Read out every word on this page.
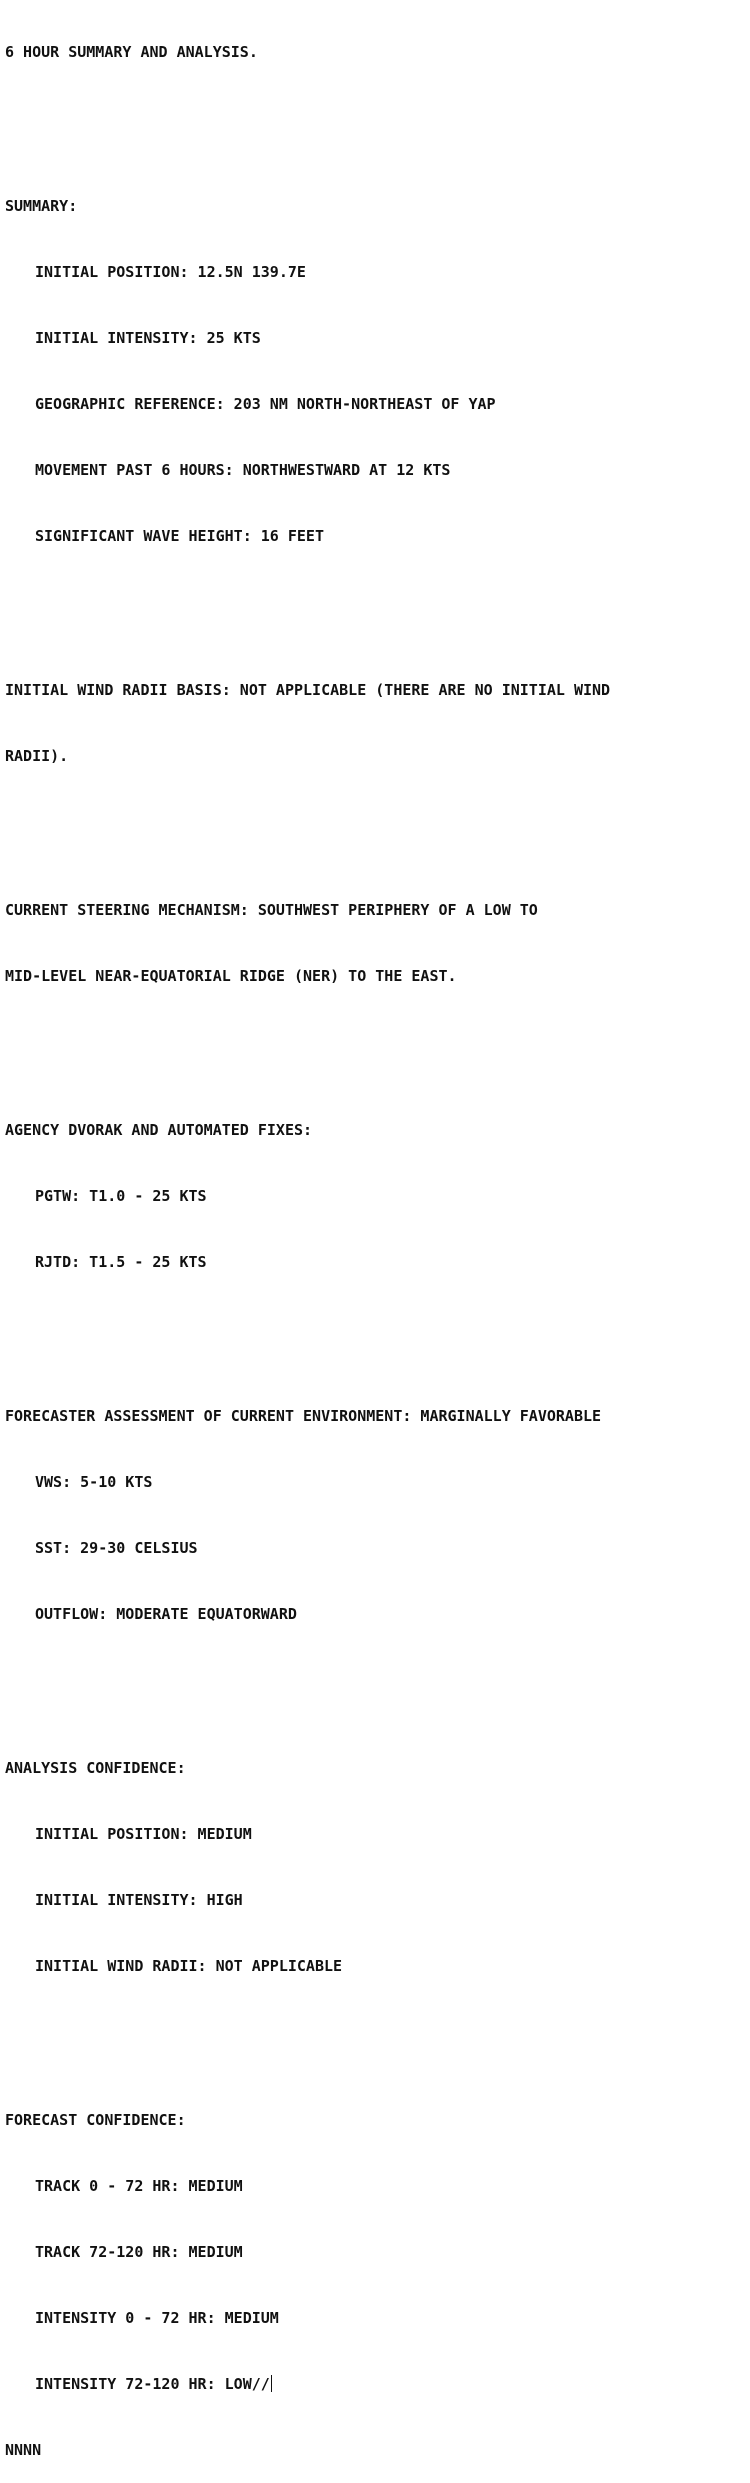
6 HOUR SUMMARY AND ANALYSIS.

SUMMARY:

INITIAL POSITION: 12.5N 139.7E

INITIAL INTENSITY: 25 KTS

GEOGRAPHIC REFERENCE: 203 NM NORTH-NORTHEAST OF YAP

MOVEMENT PAST 6 HOURS: NORTHWESTWARD AT 12 KTS

SIGNIFICANT WAVE HEIGHT: 16 FEET

INITIAL WIND RADII BASIS: NOT APPLICABLE (THERE ARE NO INITIAL WIND

RADII).

CURRENT STEERING MECHANISM: SOUTHWEST PERIPHERY OF A LOW TO

MID-LEVEL NEAR-EQUATORIAL RIDGE (NER) TO THE EAST.

AGENCY DVORAK AND AUTOMATED FIXES:

PGTW: T1.0 - 25 KTS

RJTD: T1.5 - 25 KTS

FORECASTER ASSESSMENT OF CURRENT ENVIRONMENT: MARGINALLY FAVORABLE

VWS: 5-10 KTS

SST: 29-30 CELSIUS

OUTFLOW: MODERATE EQUATORWARD

ANALYSIS CONFIDENCE:

INITIAL POSITION: MEDIUM

INITIAL INTENSITY: HIGH

INITIAL WIND RADII: NOT APPLICABLE

FORECAST CONFIDENCE:

TRACK 0 - 72 HR: MEDIUM

TRACK 72-120 HR: MEDIUM

INTENSITY 0 - 72 HR: MEDIUM

INTENSITY 72-120 HR: LOW//

NNNN
